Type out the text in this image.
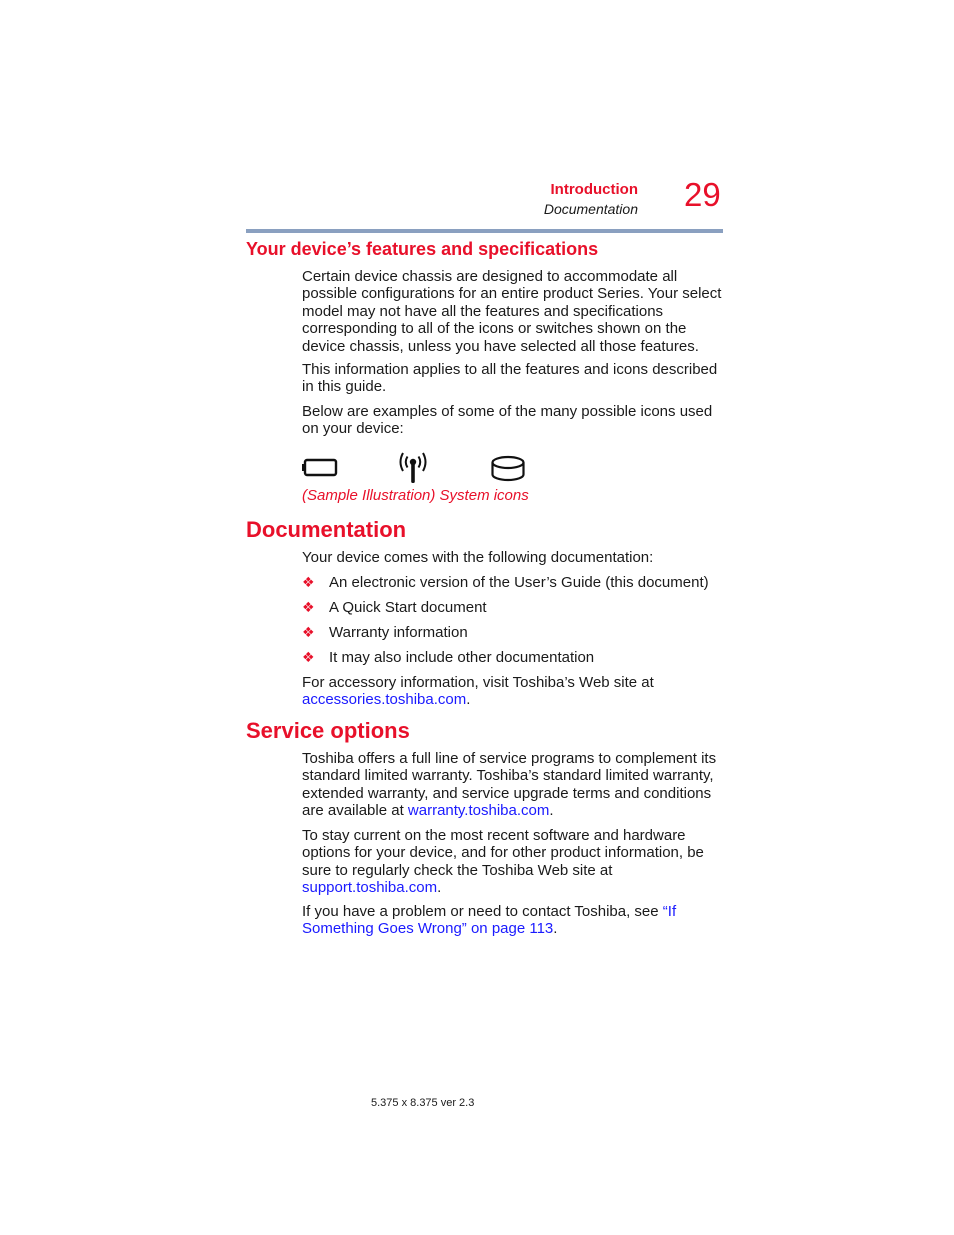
Introduction
Documentation 29
Your device’s features and specifications
Certain device chassis are designed to accommodate all possible configurations for an entire product Series. Your select model may not have all the features and specifications corresponding to all of the icons or switches shown on the device chassis, unless you have selected all those features.
This information applies to all the features and icons described in this guide.
Below are examples of some of the many possible icons used on your device:
(Sample Illustration) System icons
Documentation
Your device comes with the following documentation:
❖ An electronic version of the User’s Guide (this document)
❖ A Quick Start document
❖ Warranty information
❖ It may also include other documentation
For accessory information, visit Toshiba’s Web site at accessories.toshiba.com.
Service options
Toshiba offers a full line of service programs to complement its standard limited warranty. Toshiba’s standard limited warranty, extended warranty, and service upgrade terms and conditions are available at warranty.toshiba.com.
To stay current on the most recent software and hardware options for your device, and for other product information, be sure to regularly check the Toshiba Web site at support.toshiba.com.
If you have a problem or need to contact Toshiba, see “If Something Goes Wrong” on page 113.
5.375 x 8.375 ver 2.3
